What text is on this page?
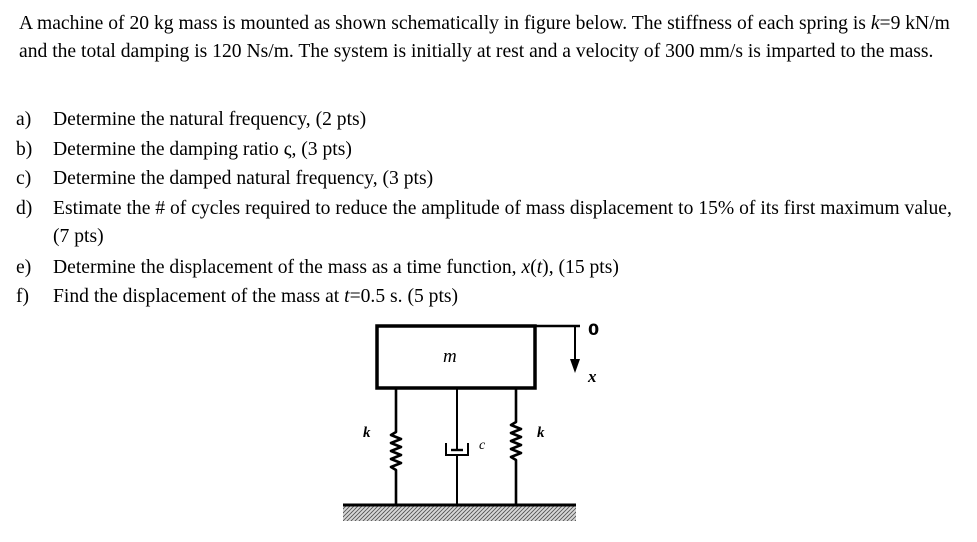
A machine of 20 kg mass is mounted as shown schematically in figure below. The stiffness of each spring is k=9 kN/m and the total damping is 120 Ns/m. The system is initially at rest and a velocity of 300 mm/s is imparted to the mass.
a)	Determine the natural frequency, (2 pts)
b)	Determine the damping ratio ς, (3 pts)
c)	Determine the damped natural frequency, (3 pts)
d)	Estimate the # of cycles required to reduce the amplitude of mass displacement to 15% of its first maximum value, (7 pts)
e)	Determine the displacement of the mass as a time function, x(t), (15 pts)
f)	Find the displacement of the mass at t=0.5 s. (5 pts)
m
k	k
c
0
x
